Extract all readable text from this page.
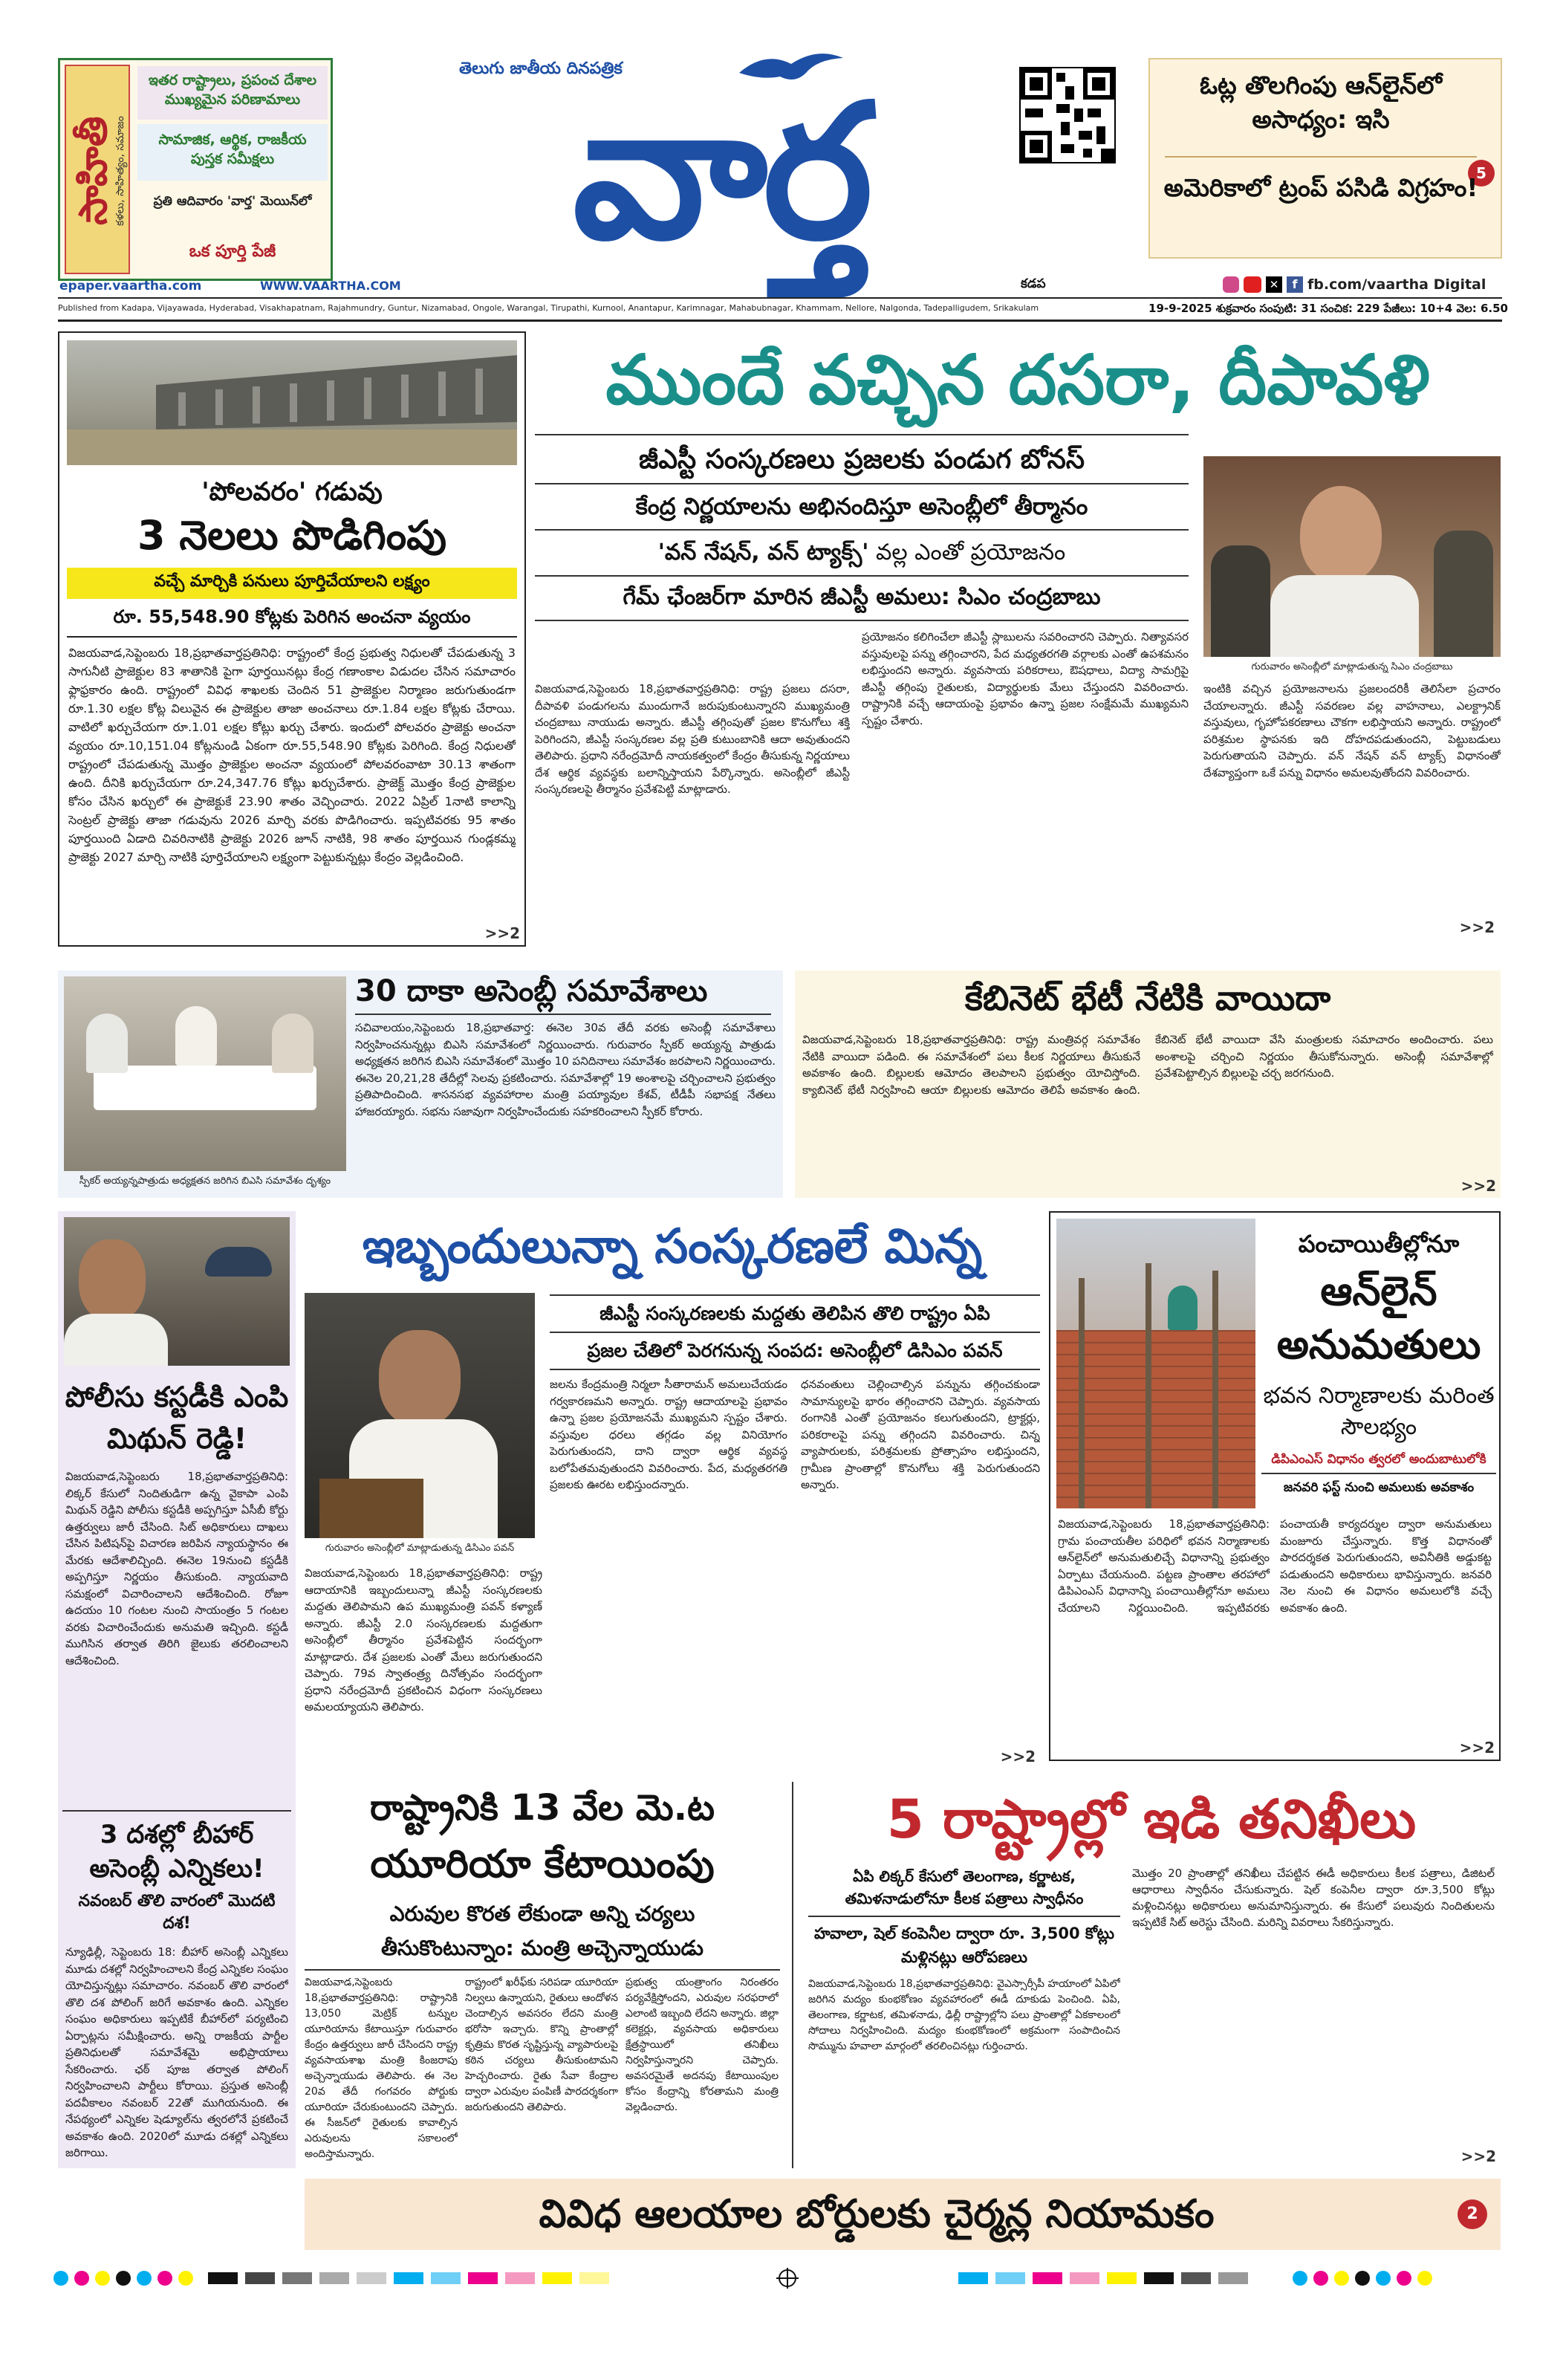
సాహితీ
కళలు, సాహిత్యం, సమాజం
ఇతర రాష్ట్రాలు, ప్రపంచ దేశాల ముఖ్యమైన పరిణామాలు
సామాజిక, ఆర్థిక, రాజకీయ పుస్తక సమీక్షలు
ప్రతి ఆదివారం 'వార్త' మెయిన్‌లో
ఒక పూర్తి పేజీ
తెలుగు జాతీయ దినపత్రిక
వార్త	ఓట్ల తొలగింపు ఆన్‌లైన్‌లో అసాధ్యం: ఇసి
5
అమెరికాలో ట్రంప్ పసిడి విగ్రహం!
epaper.vaartha.com	WWW.VAARTHA.COM	కడప	✕	f fb.com/vaartha Digital
Published from Kadapa, Vijayawada, Hyderabad, Visakhapatnam, Rajahmundry, Guntur, Nizamabad, Ongole, Warangal, Tirupathi, Kurnool, Anantapur, Karimnagar, Mahabubnagar, Khammam, Nellore, Nalgonda, Tadepalligudem, Srikakulam	19-9-2025 శుక్రవారం సంపుటి: 31 సంచిక: 229 పేజీలు: 10+4 వెల: 6.50
'పోలవరం' గడువు
3 నెలలు పొడిగింపు
వచ్చే మార్చికి పనులు పూర్తిచేయాలని లక్ష్యం
రూ. 55,548.90 కోట్లకు పెరిగిన అంచనా వ్యయం
విజయవాడ,సెప్టెంబరు 18,ప్రభాతవార్తప్రతినిధి: రాష్ట్రంలో కేంద్ర ప్రభుత్వ నిధులతో చేపడుతున్న 3 సాగునీటి ప్రాజెక్టుల 83 శాతానికి పైగా పూర్తయినట్లు కేంద్ర గణాంకాల విడుదల చేసిన సమాచారం ఫ్లాఫ్రకారం ఉంది. రాష్ట్రంలో వివిధ శాఖలకు చెందిన 51 ప్రాజెక్టుల నిర్మాణం జరుగుతుండగా రూ.1.30 లక్షల కోట్ల విలువైన ఈ ప్రాజెక్టుల తాజా అంచనాలు రూ.1.84 లక్షల కోట్లకు చేరాయి. వాటిలో ఖర్చుచేయగా రూ.1.01 లక్షల కోట్లు ఖర్చు చేశారు. ఇందులో పోలవరం ప్రాజెక్టు అంచనా వ్యయం రూ.10,151.04 కోట్లనుండి ఏకంగా రూ.55,548.90 కోట్లకు పెరిగింది. కేంద్ర నిధులతో రాష్ట్రంలో చేపడుతున్న మొత్తం ప్రాజెక్టుల అంచనా వ్యయంలో పోలవరంవాటా 30.13 శాతంగా ఉంది. దీనికి ఖర్చుచేయగా రూ.24,347.76 కోట్లు ఖర్చుచేశారు. ప్రాజెక్ట్ మొత్తం కేంద్ర ప్రాజెక్టుల కోసం చేసిన ఖర్చులో ఈ ప్రాజెక్టుకే 23.90 శాతం వెచ్చించారు. 2022 ఏప్రిల్ 1నాటి కాలాన్ని సెంట్రల్ ప్రాజెక్టు తాజా గడువును 2026 మార్చి వరకు పొడిగించారు. ఇప్పటివరకు 95 శాతం పూర్తయింది ఏడాది చివరినాటికి ప్రాజెక్టు 2026 జూన్ నాటికి, 98 శాతం పూర్తయిన గుండ్లకమ్మ ప్రాజెక్టు 2027 మార్చి నాటికి పూర్తిచేయాలని లక్ష్యంగా పెట్టుకున్నట్లు కేంద్రం వెల్లడించింది.
>>2
ముందే వచ్చిన దసరా, దీపావళి
జీఎస్టీ సంస్కరణలు ప్రజలకు పండుగ బోనస్
కేంద్ర నిర్ణయాలను అభినందిస్తూ అసెంబ్లీలో తీర్మానం
'వన్ నేషన్, వన్ ట్యాక్స్' వల్ల ఎంతో ప్రయోజనం
గేమ్ ఛేంజర్‌గా మారిన జీఎస్టీ అమలు: సిఎం చంద్రబాబు
గురువారం అసెంబ్లీలో మాట్లాడుతున్న సిఎం చంద్రబాబు
విజయవాడ,సెప్టెంబరు 18,ప్రభాతవార్తప్రతినిధి: రాష్ట్ర ప్రజలు దసరా, దీపావళి పండుగలను ముందుగానే జరుపుకుంటున్నారని ముఖ్యమంత్రి చంద్రబాబు నాయుడు అన్నారు. జీఎస్టీ తగ్గింపుతో ప్రజల కొనుగోలు శక్తి పెరిగిందని, జీఎస్టీ సంస్కరణల వల్ల ప్రతి కుటుంబానికి ఆదా అవుతుందని తెలిపారు. ప్రధాని నరేంద్రమోదీ నాయకత్వంలో కేంద్రం తీసుకున్న నిర్ణయాలు దేశ ఆర్థిక వ్యవస్థకు బలాన్నిస్తాయని పేర్కొన్నారు. అసెంబ్లీలో జీఎస్టీ సంస్కరణలపై తీర్మానం ప్రవేశపెట్టి మాట్లాడారు.
ప్రయోజనం కలిగించేలా జీఎస్టీ స్లాబులను సవరించారని చెప్పారు. నిత్యావసర వస్తువులపై పన్ను తగ్గించారని, పేద మధ్యతరగతి వర్గాలకు ఎంతో ఉపశమనం లభిస్తుందని అన్నారు. వ్యవసాయ పరికరాలు, ఔషధాలు, విద్యా సామగ్రిపై జీఎస్టీ తగ్గింపు రైతులకు, విద్యార్థులకు మేలు చేస్తుందని వివరించారు. రాష్ట్రానికి వచ్చే ఆదాయంపై ప్రభావం ఉన్నా ప్రజల సంక్షేమమే ముఖ్యమని స్పష్టం చేశారు.
ఇంటికి వచ్చిన ప్రయోజనాలను ప్రజలందరికీ తెలిసేలా ప్రచారం చేయాలన్నారు. జీఎస్టీ సవరణల వల్ల వాహనాలు, ఎలక్ట్రానిక్ వస్తువులు, గృహోపకరణాలు చౌకగా లభిస్తాయని అన్నారు. రాష్ట్రంలో పరిశ్రమల స్థాపనకు ఇది దోహదపడుతుందని, పెట్టుబడులు పెరుగుతాయని చెప్పారు. వన్ నేషన్ వన్ ట్యాక్స్ విధానంతో దేశవ్యాప్తంగా ఒకే పన్ను విధానం అమలవుతోందని వివరించారు.
>>2
స్పీకర్ అయ్యన్నపాత్రుడు అధ్యక్షతన జరిగిన బిఎసి సమావేశం దృశ్యం
30 దాకా అసెంబ్లీ సమావేశాలు
సచివాలయం,సెప్టెంబరు 18,ప్రభాతవార్త: ఈనెల 30వ తేదీ వరకు అసెంబ్లీ సమావేశాలు నిర్వహించనున్నట్లు బిఎసి సమావేశంలో నిర్ణయించారు. గురువారం స్పీకర్ అయ్యన్న పాత్రుడు అధ్యక్షతన జరిగిన బిఎసి సమావేశంలో మొత్తం 10 పనిదినాలు సమావేశం జరపాలని నిర్ణయించారు. ఈనెల 20,21,28 తేదీల్లో సెలవు ప్రకటించారు. సమావేశాల్లో 19 అంశాలపై చర్చించాలని ప్రభుత్వం ప్రతిపాదించింది. శాసనసభ వ్యవహారాల మంత్రి పయ్యావుల కేశవ్, టీడీపీ సభాపక్ష నేతలు హాజరయ్యారు. సభను సజావుగా నిర్వహించేందుకు సహకరించాలని స్పీకర్ కోరారు.
కేబినెట్ భేటీ నేటికి వాయిదా
విజయవాడ,సెప్టెంబరు 18,ప్రభాతవార్తప్రతినిధి: రాష్ట్ర మంత్రివర్గ సమావేశం నేటికి వాయిదా పడింది. ఈ సమావేశంలో పలు కీలక నిర్ణయాలు తీసుకునే అవకాశం ఉంది. బిల్లులకు ఆమోదం తెలపాలని ప్రభుత్వం యోచిస్తోంది. క్యాబినెట్ భేటీ నిర్వహించి ఆయా బిల్లులకు ఆమోదం తెలిపే అవకాశం ఉంది. కేబినెట్ భేటీ వాయిదా వేసి మంత్రులకు సమాచారం అందించారు. పలు అంశాలపై చర్చించి నిర్ణయం తీసుకోనున్నారు. అసెంబ్లీ సమావేశాల్లో ప్రవేశపెట్టాల్సిన బిల్లులపై చర్చ జరగనుంది.
>>2
పోలీసు కస్టడీకి ఎంపి మిథున్ రెడ్డి!
విజయవాడ,సెప్టెంబరు 18,ప్రభాతవార్తప్రతినిధి: లిక్కర్ కేసులో నిందితుడిగా ఉన్న వైకాపా ఎంపి మిథున్ రెడ్డిని పోలీసు కస్టడీకి అప్పగిస్తూ ఏసీబీ కోర్టు ఉత్తర్వులు జారీ చేసింది. సిట్ అధికారులు దాఖలు చేసిన పిటిషన్‌పై విచారణ జరిపిన న్యాయస్థానం ఈ మేరకు ఆదేశాలిచ్చింది. ఈనెల 19నుంచి కస్టడీకి అప్పగిస్తూ నిర్ణయం తీసుకుంది. న్యాయవాది సమక్షంలో విచారించాలని ఆదేశించింది. రోజూ ఉదయం 10 గంటల నుంచి సాయంత్రం 5 గంటల వరకు విచారించేందుకు అనుమతి ఇచ్చింది. కస్టడీ ముగిసిన తర్వాత తిరిగి జైలుకు తరలించాలని ఆదేశించింది.
3 దశల్లో బీహార్ అసెంబ్లీ ఎన్నికలు!
నవంబర్ తొలి వారంలో మొదటి దశ!
న్యూఢిల్లీ, సెప్టెంబరు 18: బీహార్ అసెంబ్లీ ఎన్నికలు మూడు దశల్లో నిర్వహించాలని కేంద్ర ఎన్నికల సంఘం యోచిస్తున్నట్లు సమాచారం. నవంబర్ తొలి వారంలో తొలి దశ పోలింగ్ జరిగే అవకాశం ఉంది. ఎన్నికల సంఘం అధికారులు ఇప్పటికే బీహార్‌లో పర్యటించి ఏర్పాట్లను సమీక్షించారు. అన్ని రాజకీయ పార్టీల ప్రతినిధులతో సమావేశమై అభిప్రాయాలు సేకరించారు. ఛఠ్ పూజ తర్వాత పోలింగ్ నిర్వహించాలని పార్టీలు కోరాయి. ప్రస్తుత అసెంబ్లీ పదవీకాలం నవంబర్ 22తో ముగియనుంది. ఈ నేపథ్యంలో ఎన్నికల షెడ్యూల్‌ను త్వరలోనే ప్రకటించే అవకాశం ఉంది. 2020లో మూడు దశల్లో ఎన్నికలు జరిగాయి.
ఇబ్బందులున్నా సంస్కరణలే మిన్న
గురువారం అసెంబ్లీలో మాట్లాడుతున్న డిసిఎం పవన్
జీఎస్టీ సంస్కరణలకు మద్దతు తెలిపిన తొలి రాష్ట్రం ఏపి
ప్రజల చేతిలో పెరగనున్న సంపద: అసెంబ్లీలో డిసిఎం పవన్
విజయవాడ,సెప్టెంబరు 18,ప్రభాతవార్తప్రతినిధి: రాష్ట్ర ఆదాయానికి ఇబ్బందులున్నా జీఎస్టీ సంస్కరణలకు మద్దతు తెలిపామని ఉప ముఖ్యమంత్రి పవన్ కళ్యాణ్ అన్నారు. జీఎస్టీ 2.0 సంస్కరణలకు మద్దతుగా అసెంబ్లీలో తీర్మానం ప్రవేశపెట్టిన సందర్భంగా మాట్లాడారు. దేశ ప్రజలకు ఎంతో మేలు జరుగుతుందని చెప్పారు. 79వ స్వాతంత్ర్య దినోత్సవం సందర్భంగా ప్రధాని నరేంద్రమోదీ ప్రకటించిన విధంగా సంస్కరణలు అమలయ్యాయని తెలిపారు.
జలను కేంద్రమంత్రి నిర్మలా సీతారామన్ అమలుచేయడం గర్వకారణమని అన్నారు. రాష్ట్ర ఆదాయాలపై ప్రభావం ఉన్నా ప్రజల ప్రయోజనమే ముఖ్యమని స్పష్టం చేశారు. వస్తువుల ధరలు తగ్గడం వల్ల వినియోగం పెరుగుతుందని, దాని ద్వారా ఆర్థిక వ్యవస్థ బలోపేతమవుతుందని వివరించారు. పేద, మధ్యతరగతి ప్రజలకు ఊరట లభిస్తుందన్నారు.
ధనవంతులు చెల్లించాల్సిన పన్నును తగ్గించకుండా సామాన్యులపై భారం తగ్గించారని చెప్పారు. వ్యవసాయ రంగానికి ఎంతో ప్రయోజనం కలుగుతుందని, ట్రాక్టర్లు, పరికరాలపై పన్ను తగ్గిందని వివరించారు. చిన్న వ్యాపారులకు, పరిశ్రమలకు ప్రోత్సాహం లభిస్తుందని, గ్రామీణ ప్రాంతాల్లో కొనుగోలు శక్తి పెరుగుతుందని అన్నారు.
>>2
పంచాయితీల్లోనూ
ఆన్‌లైన్ అనుమతులు
భవన నిర్మాణాలకు మరింత సౌలభ్యం
డిపిఎంఎస్ విధానం త్వరలో అందుబాటులోకి
జనవరి ఫస్ట్ నుంచి అమలుకు అవకాశం
విజయవాడ,సెప్టెంబరు 18,ప్రభాతవార్తప్రతినిధి: గ్రామ పంచాయతీల పరిధిలో భవన నిర్మాణాలకు ఆన్‌లైన్‌లో అనుమతులిచ్చే విధానాన్ని ప్రభుత్వం ఏర్పాటు చేయనుంది. పట్టణ ప్రాంతాల తరహాలో డిపిఎంఎస్ విధానాన్ని పంచాయితీల్లోనూ అమలు చేయాలని నిర్ణయించింది. ఇప్పటివరకు పంచాయతీ కార్యదర్శుల ద్వారా అనుమతులు మంజూరు చేస్తున్నారు. కొత్త విధానంతో పారదర్శకత పెరుగుతుందని, అవినీతికి అడ్డుకట్ట పడుతుందని అధికారులు భావిస్తున్నారు. జనవరి నెల నుంచి ఈ విధానం అమలులోకి వచ్చే అవకాశం ఉంది.
>>2
రాష్ట్రానికి 13 వేల మె.ట
యూరియా కేటాయింపు
ఎరువుల కొరత లేకుండా అన్ని చర్యలు
తీసుకొంటున్నాం: మంత్రి అచ్చెన్నాయుడు
విజయవాడ,సెప్టెంబరు 18,ప్రభాతవార్తప్రతినిధి: రాష్ట్రానికి 13,050 మెట్రిక్ టన్నుల యూరియాను కేటాయిస్తూ గురువారం కేంద్రం ఉత్తర్వులు జారీ చేసిందని రాష్ట్ర వ్యవసాయశాఖ మంత్రి కింజరాపు అచ్చెన్నాయుడు తెలిపారు. ఈ నెల 20వ తేదీ గంగవరం పోర్టుకు యూరియా చేరుకుంటుందని చెప్పారు. ఈ సీజన్‌లో రైతులకు కావాల్సిన ఎరువులను సకాలంలో అందిస్తామన్నారు.
రాష్ట్రంలో ఖరీఫ్‌కు సరిపడా యూరియా నిల్వలు ఉన్నాయని, రైతులు ఆందోళన చెందాల్సిన అవసరం లేదని మంత్రి భరోసా ఇచ్చారు. కొన్ని ప్రాంతాల్లో కృత్రిమ కొరత సృష్టిస్తున్న వ్యాపారులపై కఠిన చర్యలు తీసుకుంటామని హెచ్చరించారు. రైతు సేవా కేంద్రాల ద్వారా ఎరువుల పంపిణీ పారదర్శకంగా జరుగుతుందని తెలిపారు.
ప్రభుత్వ యంత్రాంగం నిరంతరం పర్యవేక్షిస్తోందని, ఎరువుల సరఫరాలో ఎలాంటి ఇబ్బంది లేదని అన్నారు. జిల్లా కలెక్టర్లు, వ్యవసాయ అధికారులు క్షేత్రస్థాయిలో తనిఖీలు నిర్వహిస్తున్నారని చెప్పారు. అవసరమైతే అదనపు కేటాయింపుల కోసం కేంద్రాన్ని కోరతామని మంత్రి వెల్లడించారు.
5 రాష్ట్రాల్లో ఇడి తనిఖీలు
ఏపి లిక్కర్ కేసులో తెలంగాణ, కర్ణాటక, తమిళనాడులోనూ కీలక పత్రాలు స్వాధీనం
హవాలా, షెల్ కంపెనీల ద్వారా రూ. 3,500 కోట్లు మళ్లినట్లు ఆరోపణలు
విజయవాడ,సెప్టెంబరు 18,ప్రభాతవార్తప్రతినిధి: వైఎస్సార్సీపీ హయాంలో ఏపిలో జరిగిన మద్యం కుంభకోణం వ్యవహారంలో ఈడీ దూకుడు పెంచింది. ఏపి, తెలంగాణ, కర్ణాటక, తమిళనాడు, ఢిల్లీ రాష్ట్రాల్లోని పలు ప్రాంతాల్లో ఏకకాలంలో సోదాలు నిర్వహించింది. మద్యం కుంభకోణంలో అక్రమంగా సంపాదించిన సొమ్మును హవాలా మార్గంలో తరలించినట్లు గుర్తించారు.
మొత్తం 20 ప్రాంతాల్లో తనిఖీలు చేపట్టిన ఈడీ అధికారులు కీలక పత్రాలు, డిజిటల్ ఆధారాలు స్వాధీనం చేసుకున్నారు. షెల్ కంపెనీల ద్వారా రూ.3,500 కోట్లు మళ్లించినట్లు అధికారులు అనుమానిస్తున్నారు. ఈ కేసులో పలువురు నిందితులను ఇప్పటికే సిట్ అరెస్టు చేసింది. మరిన్ని వివరాలు సేకరిస్తున్నారు.
>>2
వివిధ ఆలయాల బోర్డులకు చైర్మన్ల నియామకం	2
